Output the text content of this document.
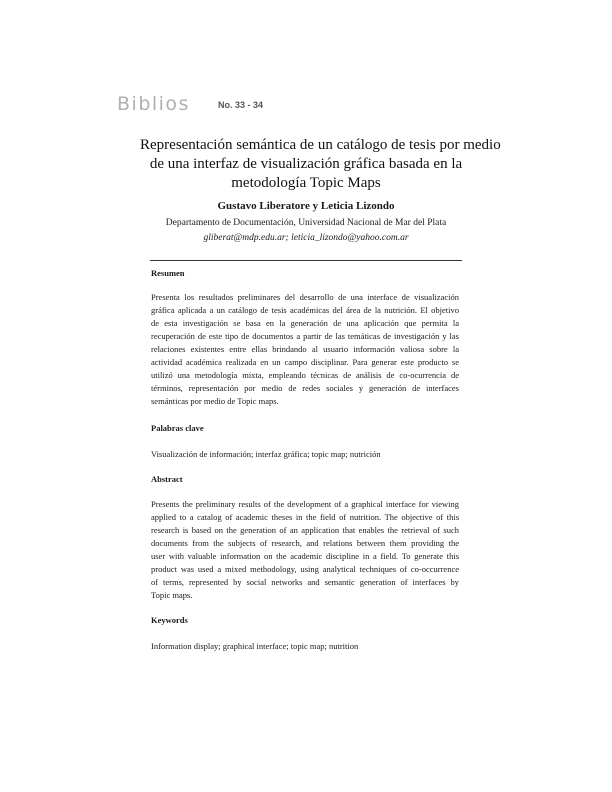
Biblios	No. 33 - 34
Representación semántica de un catálogo de tesis por medio
de una interfaz de visualización gráfica basada en la
metodología Topic Maps
Gustavo Liberatore y Leticia Lizondo
Departamento de Documentación, Universidad Nacional de Mar del Plata
gliberat@mdp.edu.ar; leticia_lizondo@yahoo.com.ar
Resumen
Presenta los resultados preliminares del desarrollo de una interface de visualización
gráfica aplicada a un catálogo de tesis académicas del área de la nutrición. El objetivo
de esta investigación se basa en la generación de una aplicación que permita la
recuperación de este tipo de documentos a partir de las temáticas de investigación y las
relaciones existentes entre ellas brindando al usuario información valiosa sobre la
actividad académica realizada en un campo disciplinar. Para generar este producto se
utilizó una metodología mixta, empleando técnicas de análisis de co-ocurrencia de
términos, representación por medio de redes sociales y generación de interfaces
semánticas por medio de Topic maps.
Palabras clave
Visualización de información; interfaz gráfica; topic map; nutrición
Abstract
Presents the preliminary results of the development of a graphical interface for viewing
applied to a catalog of academic theses in the field of nutrition. The objective of this
research is based on the generation of an application that enables the retrieval of such
documents from the subjects of research, and relations between them providing the
user with valuable information on the academic discipline in a field. To generate this
product was used a mixed methodology, using analytical techniques of co-occurrence
of terms, represented by social networks and semantic generation of interfaces by
Topic maps.
Keywords
Information display; graphical interface; topic map; nutrition
